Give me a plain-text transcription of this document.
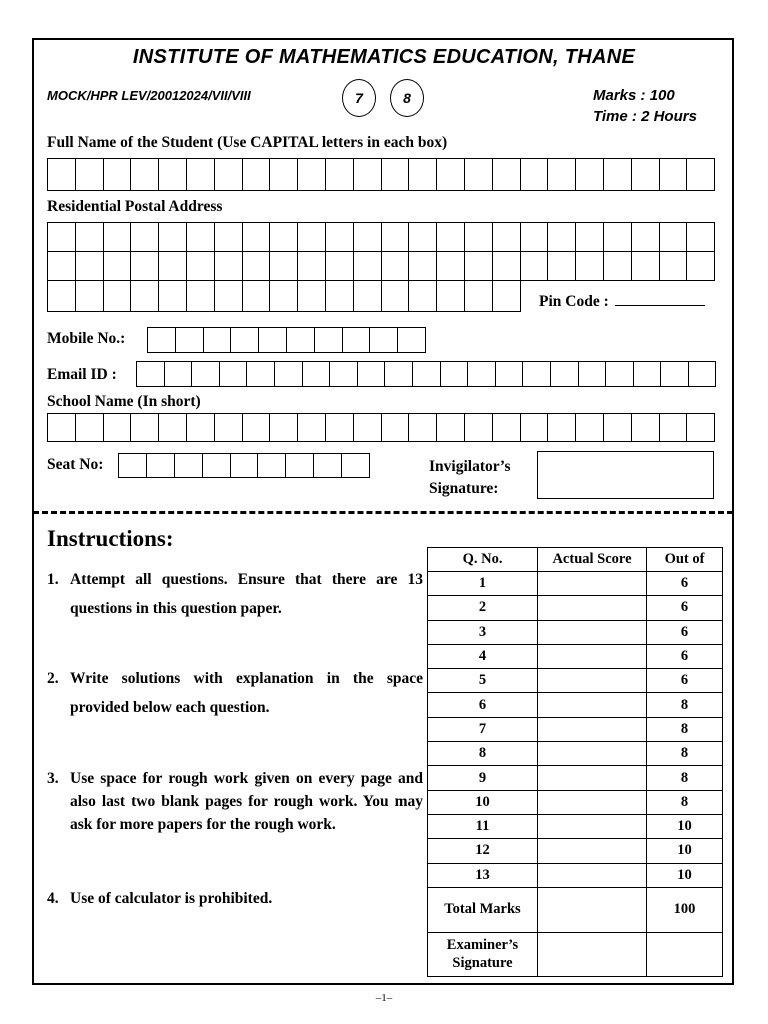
INSTITUTE OF MATHEMATICS EDUCATION, THANE
MOCK/HPR LEV/20012024/VII/VIII	7	8	Marks : 100
Time : 2 Hours
Full Name of the Student (Use CAPITAL letters in each box)
Residential Postal Address
Pin Code :
Mobile No.:
Email ID :
School Name (In short)
Seat No:	Invigilator’s
Signature:
Instructions:
1. Attempt all questions. Ensure that there are 13 questions in this question paper.
2. Write solutions with explanation in the space provided below each question.
3. Use space for rough work given on every page and also last two blank pages for rough work. You may ask for more papers for the rough work.
4. Use of calculator is prohibited.
Q. No.	Actual Score	Out of
1		6
2		6
3		6
4		6
5		6
6		8
7		8
8		8
9		8
10		8
11		10
12		10
13		10
Total Marks		100

Examiner’s
Signature		

–1–
